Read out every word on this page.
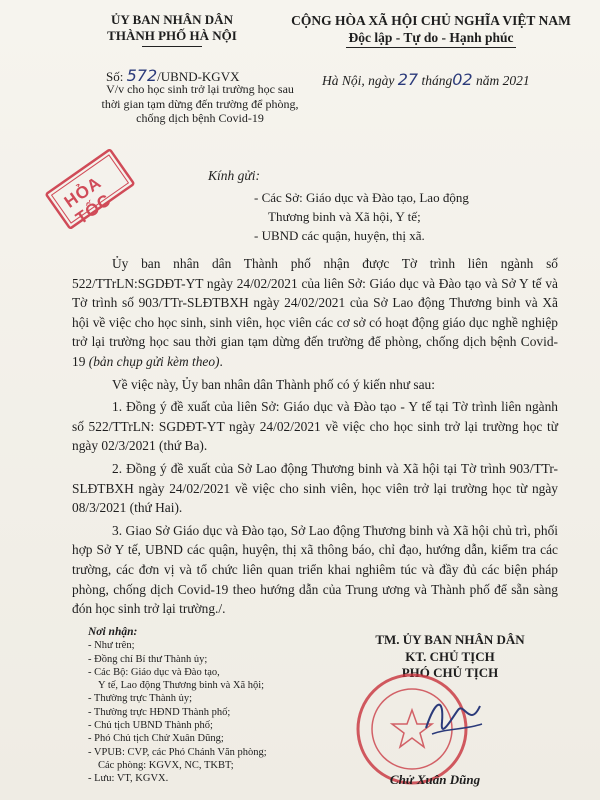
ỦY BAN NHÂN DÂN
THÀNH PHỐ HÀ NỘI
CỘNG HÒA XÃ HỘI CHỦ NGHĨA VIỆT NAM
Độc lập - Tự do - Hạnh phúc
Số: 572/UBND-KGVX
V/v cho học sinh trở lại trường học sau thời gian tạm dừng đến trường để phòng, chống dịch bệnh Covid-19
Hà Nội, ngày 27 tháng02 năm 2021
HỎA TỐC
Kính gửi:
- Các Sở: Giáo dục và Đào tạo, Lao động
Thương binh và Xã hội, Y tế;
- UBND các quận, huyện, thị xã.

Ủy ban nhân dân Thành phố nhận được Tờ trình liên ngành số 522/TTrLN:SGDĐT-YT ngày 24/02/2021 của liên Sở: Giáo dục và Đào tạo và Sở Y tế và Tờ trình số 903/TTr-SLĐTBXH ngày 24/02/2021 của Sở Lao động Thương binh và Xã hội về việc cho học sinh, sinh viên, học viên các cơ sở có hoạt động giáo dục nghề nghiệp trở lại trường học sau thời gian tạm dừng đến trường để phòng, chống dịch bệnh Covid- 19 (bản chụp gửi kèm theo).

Về việc này, Ủy ban nhân dân Thành phố có ý kiến như sau:

1. Đồng ý đề xuất của liên Sở: Giáo dục và Đào tạo - Y tế tại Tờ trình liên ngành số 522/TTrLN: SGDĐT-YT ngày 24/02/2021 về việc cho học sinh trở lại trường học từ ngày 02/3/2021 (thứ Ba).

2. Đồng ý đề xuất của Sở Lao động Thương binh và Xã hội tại Tờ trình 903/TTr-SLĐTBXH ngày 24/02/2021 về việc cho sinh viên, học viên trở lại trường học từ ngày 08/3/2021 (thứ Hai).

3. Giao Sở Giáo dục và Đào tạo, Sở Lao động Thương binh và Xã hội chủ trì, phối hợp Sở Y tế, UBND các quận, huyện, thị xã thông báo, chỉ đạo, hướng dẫn, kiểm tra các trường, các đơn vị và tổ chức liên quan triển khai nghiêm túc và đầy đủ các biện pháp phòng, chống dịch Covid-19 theo hướng dẫn của Trung ương và Thành phố để sẵn sàng đón học sinh trở lại trường./.

Nơi nhận:
- Như trên;
- Đồng chí Bí thư Thành ủy;
- Các Bộ: Giáo dục và Đào tạo,
Y tế, Lao động Thương binh và Xã hội;
- Thường trực Thành ủy;
- Thường trực HĐND Thành phố;
- Chủ tịch UBND Thành phố;
- Phó Chủ tịch Chử Xuân Dũng;
- VPUB: CVP, các Phó Chánh Văn phòng;
Các phòng: KGVX, NC, TKBT;
- Lưu: VT, KGVX.
TM. ỦY BAN NHÂN DÂN
KT. CHỦ TỊCH
PHÓ CHỦ TỊCH
Chử Xuân Dũng
